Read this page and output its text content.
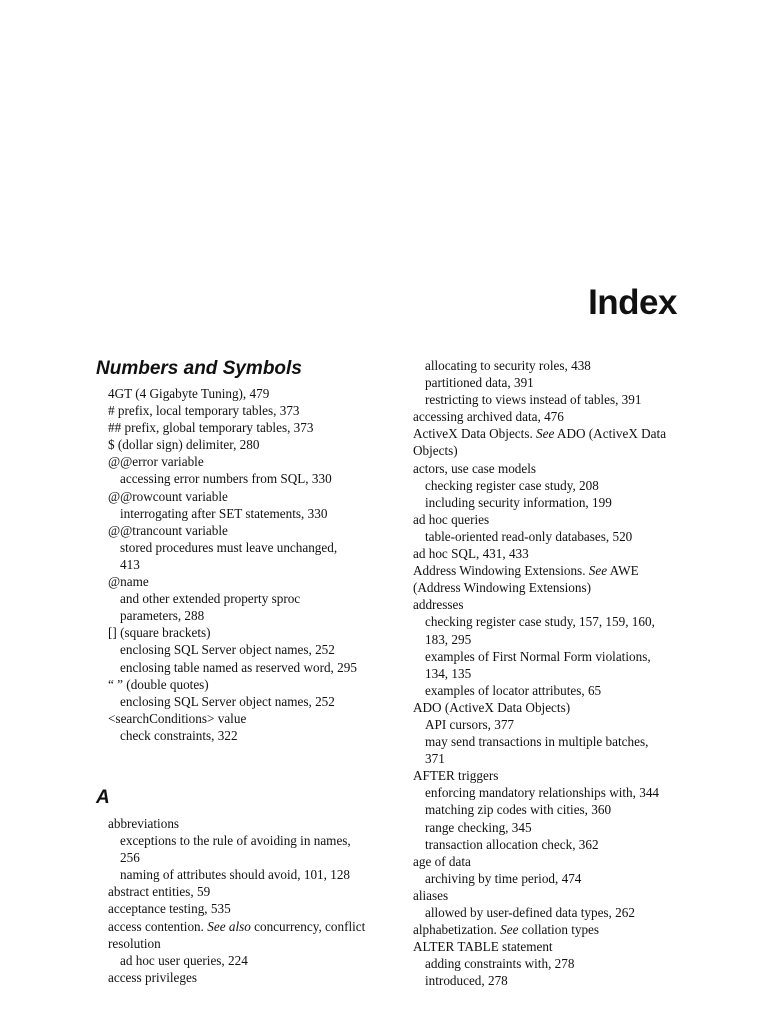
Index
Numbers and Symbols
4GT (4 Gigabyte Tuning), 479
# prefix, local temporary tables, 373
## prefix, global temporary tables, 373
$ (dollar sign) delimiter, 280
@@error variable
accessing error numbers from SQL, 330
@@rowcount variable
interrogating after SET statements, 330
@@trancount variable
stored procedures must leave unchanged,
413
@name
and other extended property sproc
parameters, 288
[] (square brackets)
enclosing SQL Server object names, 252
enclosing table named as reserved word, 295
“ ” (double quotes)
enclosing SQL Server object names, 252
<searchConditions> value
check constraints, 322
A
abbreviations
exceptions to the rule of avoiding in names,
256
naming of attributes should avoid, 101, 128
abstract entities, 59
acceptance testing, 535
access contention. See also concurrency, conflict
resolution
ad hoc user queries, 224
access privileges
allocating to security roles, 438
partitioned data, 391
restricting to views instead of tables, 391
accessing archived data, 476
ActiveX Data Objects. See ADO (ActiveX Data
Objects)
actors, use case models
checking register case study, 208
including security information, 199
ad hoc queries
table-oriented read-only databases, 520
ad hoc SQL, 431, 433
Address Windowing Extensions. See AWE
(Address Windowing Extensions)
addresses
checking register case study, 157, 159, 160,
183, 295
examples of First Normal Form violations,
134, 135
examples of locator attributes, 65
ADO (ActiveX Data Objects)
API cursors, 377
may send transactions in multiple batches,
371
AFTER triggers
enforcing mandatory relationships with, 344
matching zip codes with cities, 360
range checking, 345
transaction allocation check, 362
age of data
archiving by time period, 474
aliases
allowed by user-defined data types, 262
alphabetization. See collation types
ALTER TABLE statement
adding constraints with, 278
introduced, 278
